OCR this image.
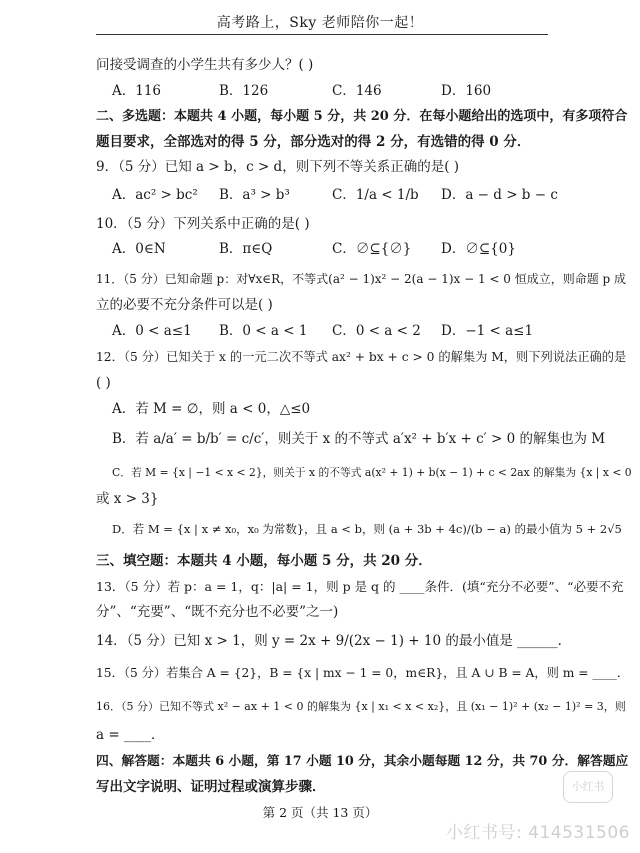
高考路上，Sky 老师陪你一起！
问接受调查的小学生共有多少人？( )
A．116	B．126	C．146	D．160
二、多选题：本题共 4 小题，每小题 5 分，共 20 分．在每小题给出的选项中，有多项符合
题目要求，全部选对的得 5 分，部分选对的得 2 分，有选错的得 0 分．
9．（5 分）已知 a > b，c > d，则下列不等关系正确的是( )
A．ac² > bc² B．a³ > b³	C．1/a < 1/b D．a − d > b − c
10．（5 分）下列关系中正确的是( )
A．0∈N	B．π∈Q	C．∅⊆{∅} D．∅⊆{0}
11．（5 分）已知命题 p：对∀x∈R，不等式(a² − 1)x² − 2(a − 1)x − 1 < 0 恒成立，则命题 p 成
立的必要不充分条件可以是( )
A．0 < a≤1 B．0 < a < 1 C．0 < a < 2 D．−1 < a≤1
12．（5 分）已知关于 x 的一元二次不等式 ax² + bx + c > 0 的解集为 M，则下列说法正确的是
( )
A．若 M = ∅，则 a < 0，△≤0
B．若 a/a′ = b/b′ = c/c′，则关于 x 的不等式 a′x² + b′x + c′ > 0 的解集也为 M
C．若 M = {x | −1 < x < 2}，则关于 x 的不等式 a(x² + 1) + b(x − 1) + c < 2ax 的解集为 {x | x < 0
或 x > 3}
D．若 M = {x | x ≠ x₀，x₀ 为常数}，且 a < b，则 (a + 3b + 4c)/(b − a) 的最小值为 5 + 2√5
三、填空题：本题共 4 小题，每小题 5 分，共 20 分．
13．（5 分）若 p：a = 1，q：|a| = 1，则 p 是 q 的 ____条件．(填“充分不必要”、“必要不充
分”、“充要”、“既不充分也不必要”之一)
14．（5 分）已知 x > 1，则 y = 2x + 9/(2x − 1) + 10 的最小值是 ______．
15．（5 分）若集合 A = {2}，B = {x | mx − 1 = 0，m∈R}，且 A ∪ B = A，则 m = ____．
16．（5 分）已知不等式 x² − ax + 1 < 0 的解集为 {x | x₁ < x < x₂}，且 (x₁ − 1)² + (x₂ − 1)² = 3，则
a = ____．
四、解答题：本题共 6 小题，第 17 小题 10 分，其余小题每题 12 分，共 70 分．解答题应
写出文字说明、证明过程或演算步骤．
第 2 页（共 13 页）
小红书
小红书号: 414531506
